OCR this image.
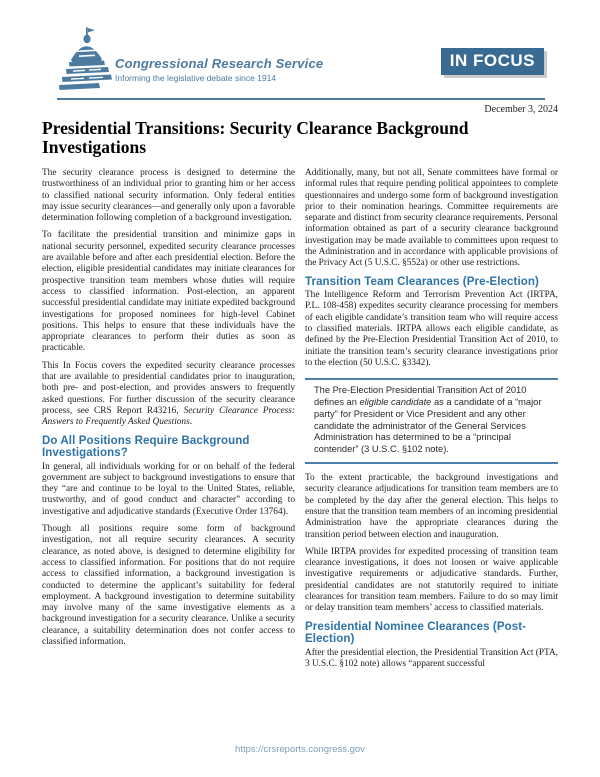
Congressional Research Service
Informing the legislative debate since 1914
IN FOCUS
December 3, 2024
Presidential Transitions: Security Clearance Background Investigations

The security clearance process is designed to determine the trustworthiness of an individual prior to granting him or her access to classified national security information. Only federal entities may issue security clearances—and generally only upon a favorable determination following completion of a background investigation.

To facilitate the presidential transition and minimize gaps in national security personnel, expedited security clearance processes are available before and after each presidential election. Before the election, eligible presidential candidates may initiate clearances for prospective transition team members whose duties will require access to classified information. Post-election, an apparent successful presidential candidate may initiate expedited background investigations for proposed nominees for high-level Cabinet positions. This helps to ensure that these individuals have the appropriate clearances to perform their duties as soon as practicable.

This In Focus covers the expedited security clearance processes that are available to presidential candidates prior to inauguration, both pre- and post-election, and provides answers to frequently asked questions. For further discussion of the security clearance process, see CRS Report R43216, Security Clearance Process: Answers to Frequently Asked Questions.

Do All Positions Require Background Investigations?

In general, all individuals working for or on behalf of the federal government are subject to background investigations to ensure that they “are and continue to be loyal to the United States, reliable, trustworthy, and of good conduct and character” according to investigative and adjudicative standards (Executive Order 13764).

Though all positions require some form of background investigation, not all require security clearances. A security clearance, as noted above, is designed to determine eligibility for access to classified information. For positions that do not require access to classified information, a background investigation is conducted to determine the applicant’s suitability for federal employment. A background investigation to determine suitability may involve many of the same investigative elements as a background investigation for a security clearance. Unlike a security clearance, a suitability determination does not confer access to classified information.

Additionally, many, but not all, Senate committees have formal or informal rules that require pending political appointees to complete questionnaires and undergo some form of background investigation prior to their nomination hearings. Committee requirements are separate and distinct from security clearance requirements. Personal information obtained as part of a security clearance background investigation may be made available to committees upon request to the Administration and in accordance with applicable provisions of the Privacy Act (5 U.S.C. §552a) or other use restrictions.

Transition Team Clearances (Pre-Election)

The Intelligence Reform and Terrorism Prevention Act (IRTPA, P.L. 108-458) expedites security clearance processing for members of each eligible candidate’s transition team who will require access to classified materials. IRTPA allows each eligible candidate, as defined by the Pre-Election Presidential Transition Act of 2010, to initiate the transition team’s security clearance investigations prior to the election (50 U.S.C. §3342).

The Pre-Election Presidential Transition Act of 2010 defines an eligible candidate as a candidate of a “major party” for President or Vice President and any other candidate the administrator of the General Services Administration has determined to be a “principal contender” (3 U.S.C. §102 note).

To the extent practicable, the background investigations and security clearance adjudications for transition team members are to be completed by the day after the general election. This helps to ensure that the transition team members of an incoming presidential Administration have the appropriate clearances during the transition period between election and inauguration.

While IRTPA provides for expedited processing of transition team clearance investigations, it does not loosen or waive applicable investigative requirements or adjudicative standards. Further, presidential candidates are not statutorily required to initiate clearances for transition team members. Failure to do so may limit or delay transition team members’ access to classified materials.

Presidential Nominee Clearances (Post-Election)

After the presidential election, the Presidential Transition Act (PTA, 3 U.S.C. §102 note) allows “apparent successful

https://crsreports.congress.gov
